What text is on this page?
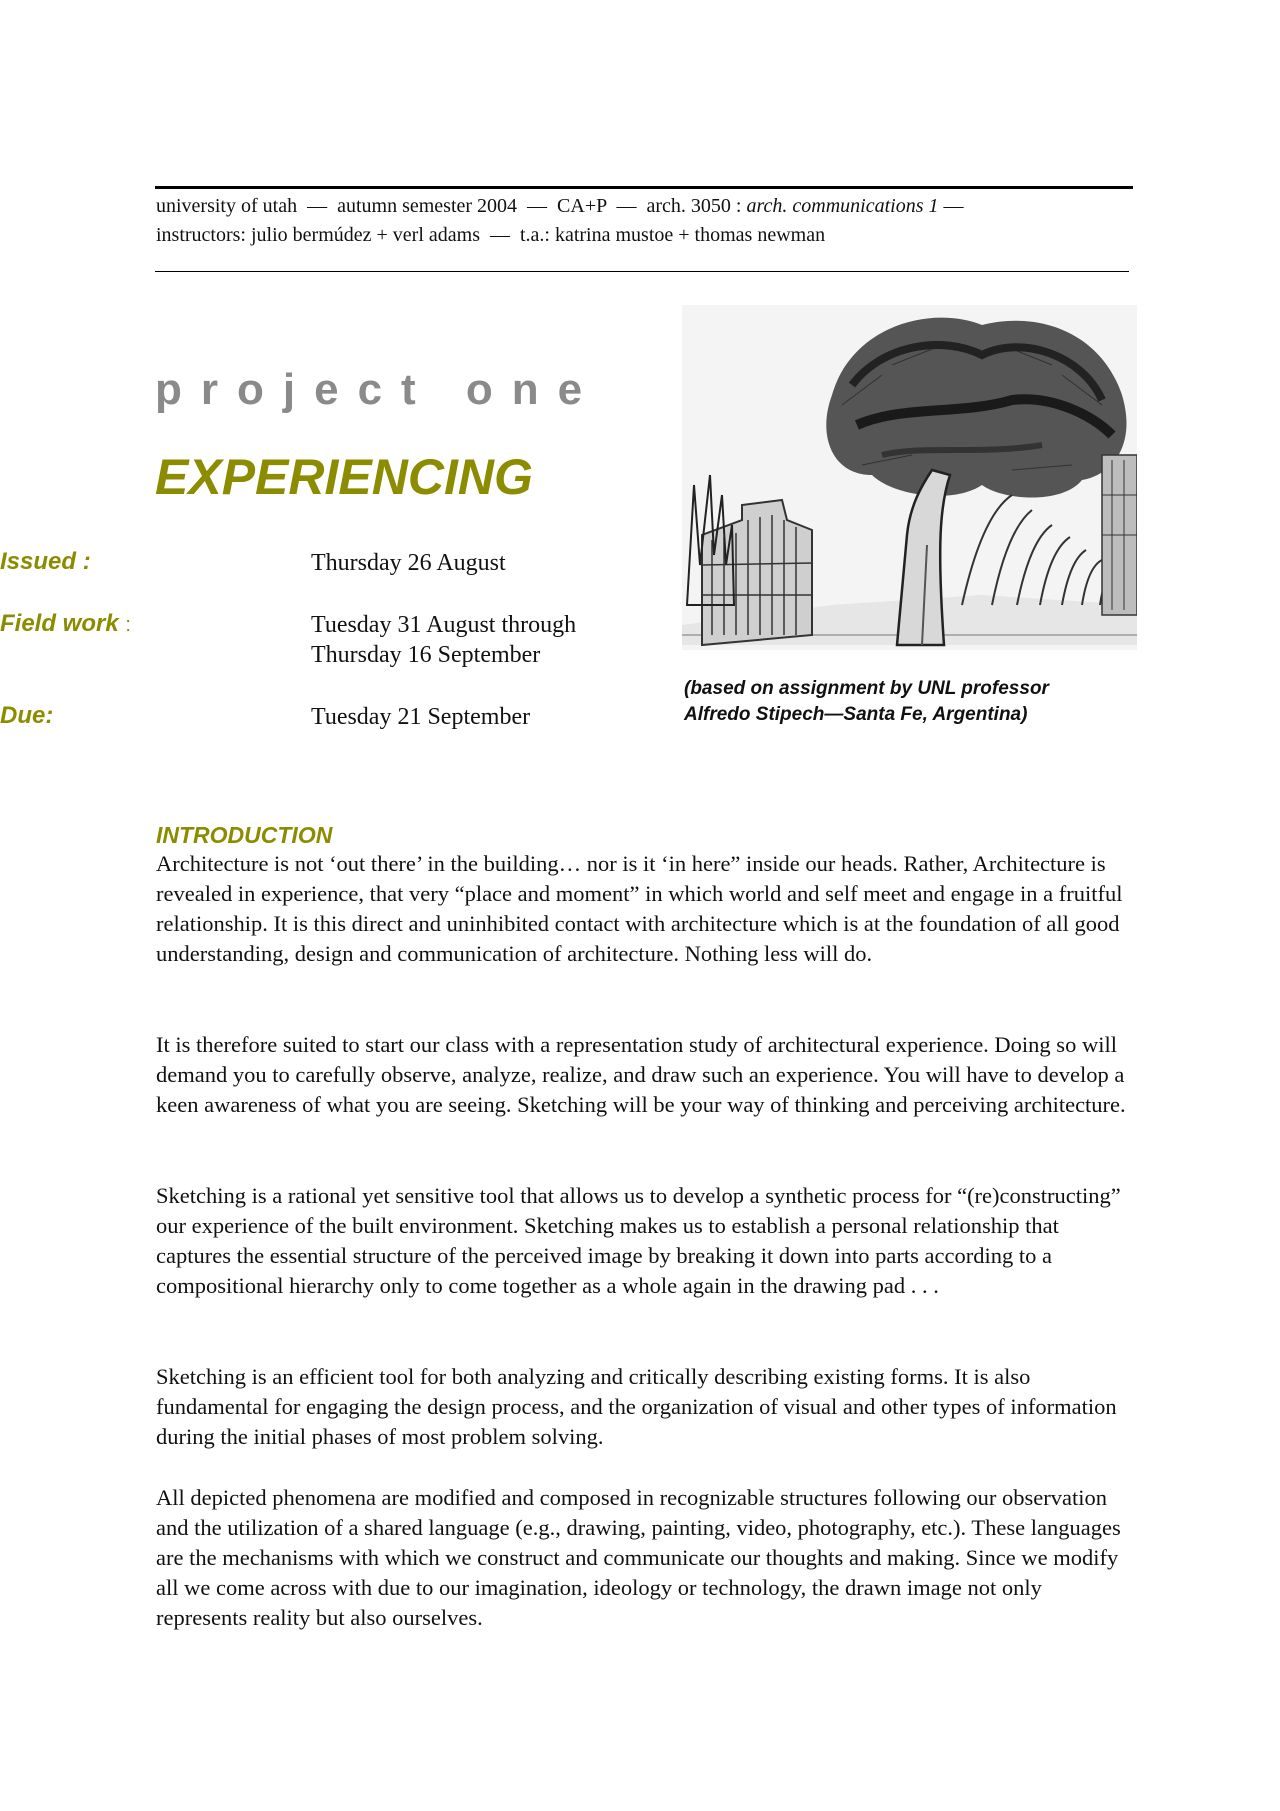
university of utah  —  autumn semester 2004  —  CA+P  —  arch. 3050 : arch. communications 1 —
instructors: julio bermúdez + verl adams  —  t.a.: katrina mustoe + thomas newman
project one
EXPERIENCING
Issued :	Thursday 26 August
Field work :	Tuesday 31 August through
Thursday 16 September
Due:	Tuesday 21 September
(based on assignment by UNL professor
Alfredo Stipech—Santa Fe, Argentina)
INTRODUCTION

Architecture is not ‘out there’ in the building… nor is it ‘in here” inside our heads. Rather, Architecture is revealed in experience, that very “place and moment” in which world and self meet and engage in a fruitful relationship. It is this direct and uninhibited contact with architecture which is at the foundation of all good understanding, design and communication of architecture. Nothing less will do.

It is therefore suited to start our class with a representation study of architectural experience. Doing so will demand you to carefully observe, analyze, realize, and draw such an experience. You will have to develop a keen awareness of what you are seeing. Sketching will be your way of thinking and perceiving architecture.

Sketching is a rational yet sensitive tool that allows us to develop a synthetic process for “(re)constructing” our experience of the built environment. Sketching makes us to establish a personal relationship that captures the essential structure of the perceived image by breaking it down into parts according to a compositional hierarchy only to come together as a whole again in the drawing pad . . .

Sketching is an efficient tool for both analyzing and critically describing existing forms. It is also fundamental for engaging the design process, and the organization of visual and other types of information during the initial phases of most problem solving.

All depicted phenomena are modified and composed in recognizable structures following our observation and the utilization of a shared language (e.g., drawing, painting, video, photography, etc.). These languages are the mechanisms with which we construct and communicate our thoughts and making. Since we modify all we come across with due to our imagination, ideology or technology, the drawn image not only represents reality but also ourselves.
